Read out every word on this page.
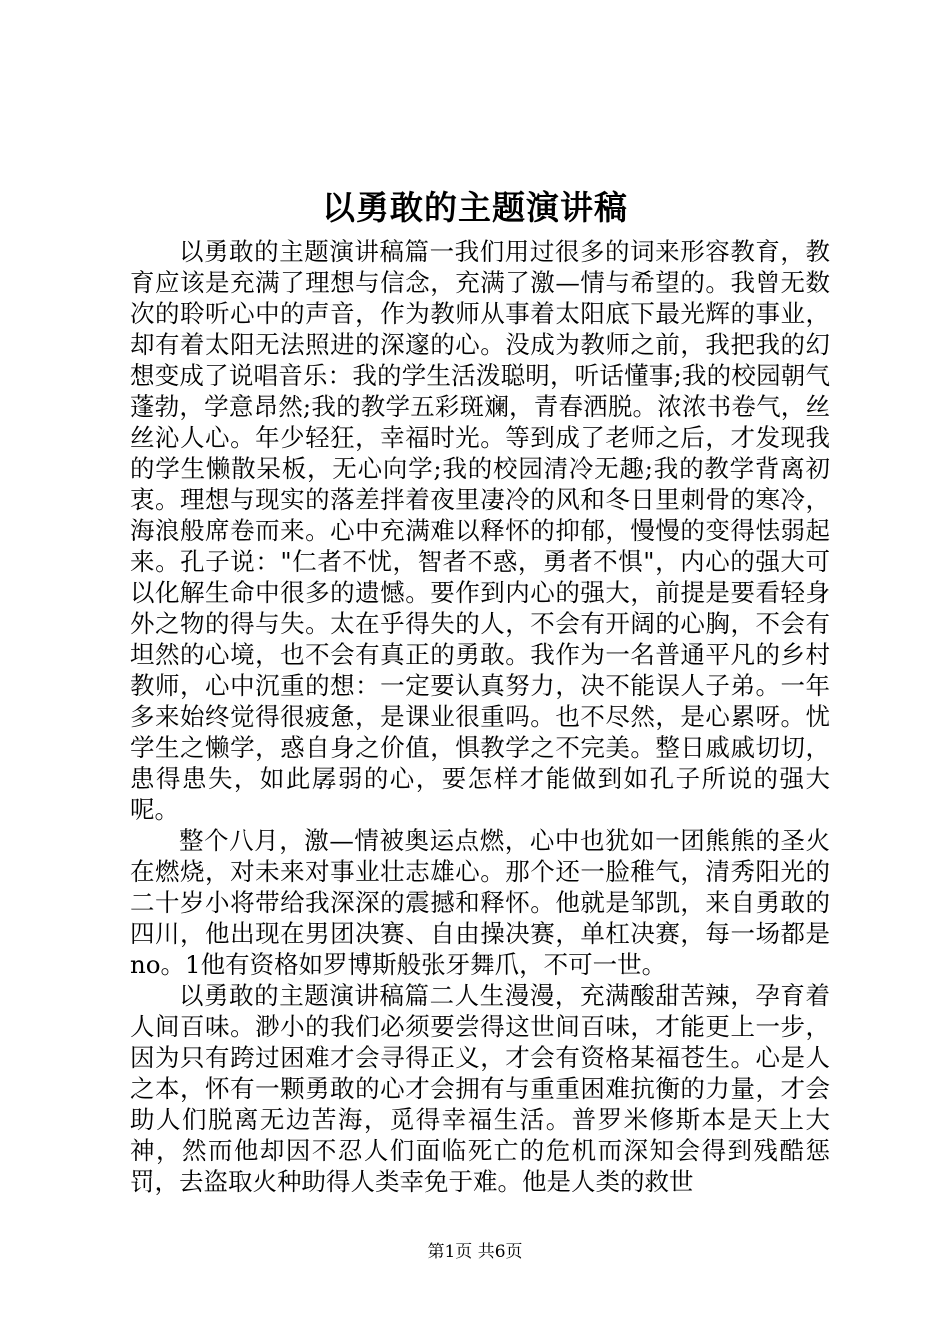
以勇敢的主题演讲稿

以勇敢的主题演讲稿篇一我们用过很多的词来形容教育，教育应该是充满了理想与信念，充满了激—情与希望的。我曾无数次的聆听心中的声音，作为教师从事着太阳底下最光辉的事业，却有着太阳无法照进的深邃的心。没成为教师之前，我把我的幻想变成了说唱音乐：我的学生活泼聪明，听话懂事;我的校园朝气蓬勃，学意昂然;我的教学五彩斑斓，青春洒脱。浓浓书卷气，丝丝沁人心。年少轻狂，幸福时光。等到成了老师之后，才发现我的学生懒散呆板，无心向学;我的校园清冷无趣;我的教学背离初衷。理想与现实的落差拌着夜里凄冷的风和冬日里刺骨的寒冷，海浪般席卷而来。心中充满难以释怀的抑郁，慢慢的变得怯弱起来。孔子说："仁者不忧，智者不惑，勇者不惧"，内心的强大可以化解生命中很多的遗憾。要作到内心的强大，前提是要看轻身外之物的得与失。太在乎得失的人，不会有开阔的心胸，不会有坦然的心境，也不会有真正的勇敢。我作为一名普通平凡的乡村教师，心中沉重的想：一定要认真努力，决不能误人子弟。一年多来始终觉得很疲惫，是课业很重吗。也不尽然，是心累呀。忧学生之懒学，惑自身之价值，惧教学之不完美。整日戚戚切切，患得患失，如此孱弱的心，要怎样才能做到如孔子所说的强大呢。

整个八月，激—情被奥运点燃，心中也犹如一团熊熊的圣火在燃烧，对未来对事业壮志雄心。那个还一脸稚气，清秀阳光的二十岁小将带给我深深的震撼和释怀。他就是邹凯，来自勇敢的四川，他出现在男团决赛、自由操决赛，单杠决赛，每一场都是no。1他有资格如罗博斯般张牙舞爪，不可一世。

以勇敢的主题演讲稿篇二人生漫漫，充满酸甜苦辣，孕育着人间百味。渺小的我们必须要尝得这世间百味，才能更上一步，因为只有跨过困难才会寻得正义，才会有资格某福苍生。心是人之本，怀有一颗勇敢的心才会拥有与重重困难抗衡的力量，才会助人们脱离无边苦海，觅得幸福生活。普罗米修斯本是天上大神，然而他却因不忍人们面临死亡的危机而深知会得到残酷惩罚，去盗取火种助得人类幸免于难。他是人类的救世

第1页 共6页
